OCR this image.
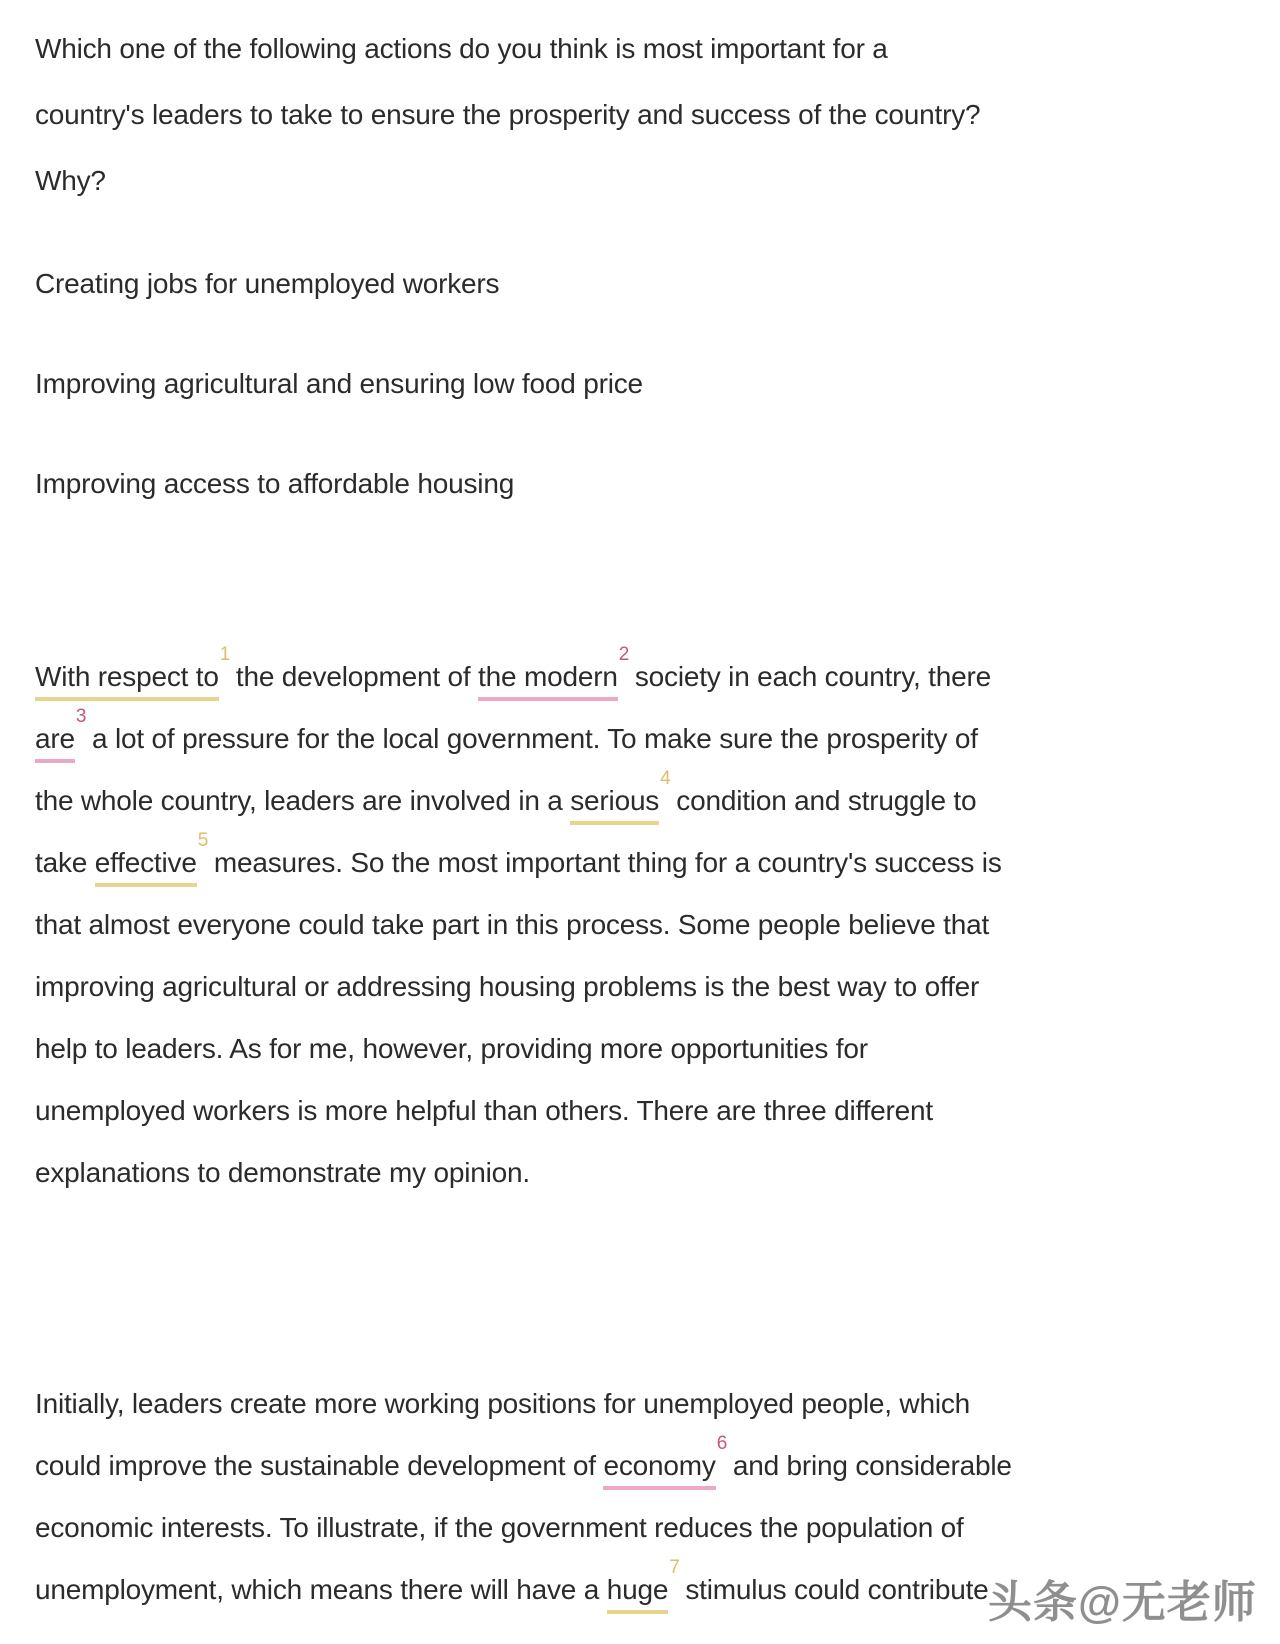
Which one of the following actions do you think is most important for a
country's leaders to take to ensure the prosperity and success of the country?
Why?
Creating jobs for unemployed workers
Improving agricultural and ensuring low food price
Improving access to affordable housing
With respect $to^1$ the development of the modern$^2$ society in each country, there
are$^3$ a lot of pressure for the local government. To make sure the prosperity of
the whole country, leaders are involved in a serious$^4$ condition and struggle to
take effective$^5$ measures. So the most important thing for a country's success is
that almost everyone could take part in this process. Some people believe that
improving agricultural or addressing housing problems is the best way to offer
help to leaders. As for me, however, providing more opportunities for
unemployed workers is more helpful than others. There are three different
explanations to demonstrate my opinion.
Initially, leaders create more working positions for unemployed people, which
could improve the sustainable development of economy$^6$ and bring considerable
economic interests. To illustrate, if the government reduces the population of
unemployment, which means there will have a huge$^7$ stimulus could contribute 头条@无老师
